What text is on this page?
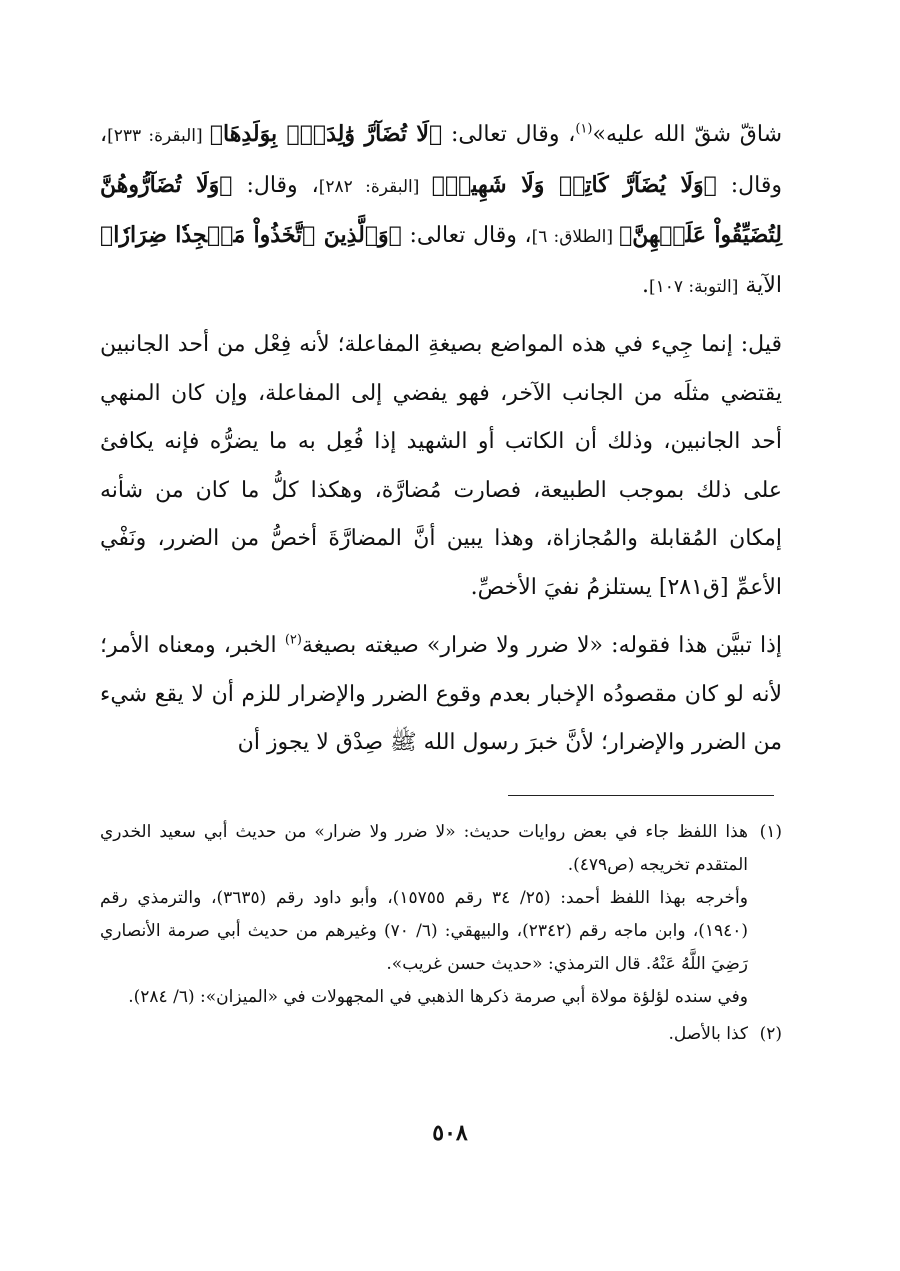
شاقّ شقّ الله عليه»$^{(١)}$، وقال تعالى: ﴿لَا تُضَآرَّ وَٰلِدَةُۢ بِوَلَدِهَا﴾ [البقرة: ٢٣٣]، وقال: ﴿وَلَا يُضَآرَّ كَاتِبٞ وَلَا شَهِيدٞ﴾ [البقرة: ٢٨٢]، وقال: ﴿وَلَا تُضَآرُّوهُنَّ لِتُضَيِّقُواْ عَلَيۡهِنَّ﴾ [الطلاق: ٦]، وقال تعالى: ﴿وَٱلَّذِينَ ٱتَّخَذُواْ مَسۡجِدٗا ضِرَارٗا﴾ الآية [التوبة: ١٠٧].

قيل: إنما جِيء في هذه المواضع بصيغةِ المفاعلة؛ لأنه فِعْل من أحد الجانبين يقتضي مثلَه من الجانب الآخر، فهو يفضي إلى المفاعلة، وإن كان المنهي أحد الجانبين، وذلك أن الكاتب أو الشهيد إذا فُعِل به ما يضرُّه فإنه يكافئ على ذلك بموجب الطبيعة، فصارت مُضارَّة، وهكذا كلُّ ما كان من شأنه إمكان المُقابلة والمُجازاة، وهذا يبين أنَّ المضارَّةَ أخصُّ من الضرر، ونَفْي الأعمِّ [ق٢٨١] يستلزمُ نفيَ الأخصِّ.

إذا تبيَّن هذا فقوله: «لا ضرر ولا ضرار» صيغته بصيغة$^{(٢)}$ الخبر، ومعناه الأمر؛ لأنه لو كان مقصودُه الإخبار بعدم وقوع الضرر والإضرار للزم أن لا يقع شيء من الضرر والإضرار؛ لأنَّ خبرَ رسول الله ﷺ صِدْق لا يجوز أن

(١)

هذا اللفظ جاء في بعض روايات حديث: «لا ضرر ولا ضرار» من حديث أبي سعيد الخدري المتقدم تخريجه (ص٤٧٩).

وأخرجه بهذا اللفظ أحمد: (٢٥/ ٣٤ رقم ١٥٧٥٥)، وأبو داود رقم (٣٦٣٥)، والترمذي رقم (١٩٤٠)، وابن ماجه رقم (٢٣٤٢)، والبيهقي: (٦/ ٧٠) وغيرهم من حديث أبي صرمة الأنصاري رَضِيَ اللَّهُ عَنْهُ. قال الترمذي: «حديث حسن غريب».

وفي سنده لؤلؤة مولاة أبي صرمة ذكرها الذهبي في المجهولات في «الميزان»: (٦/ ٢٨٤).

(٢)

كذا بالأصل.

٥٠٨
